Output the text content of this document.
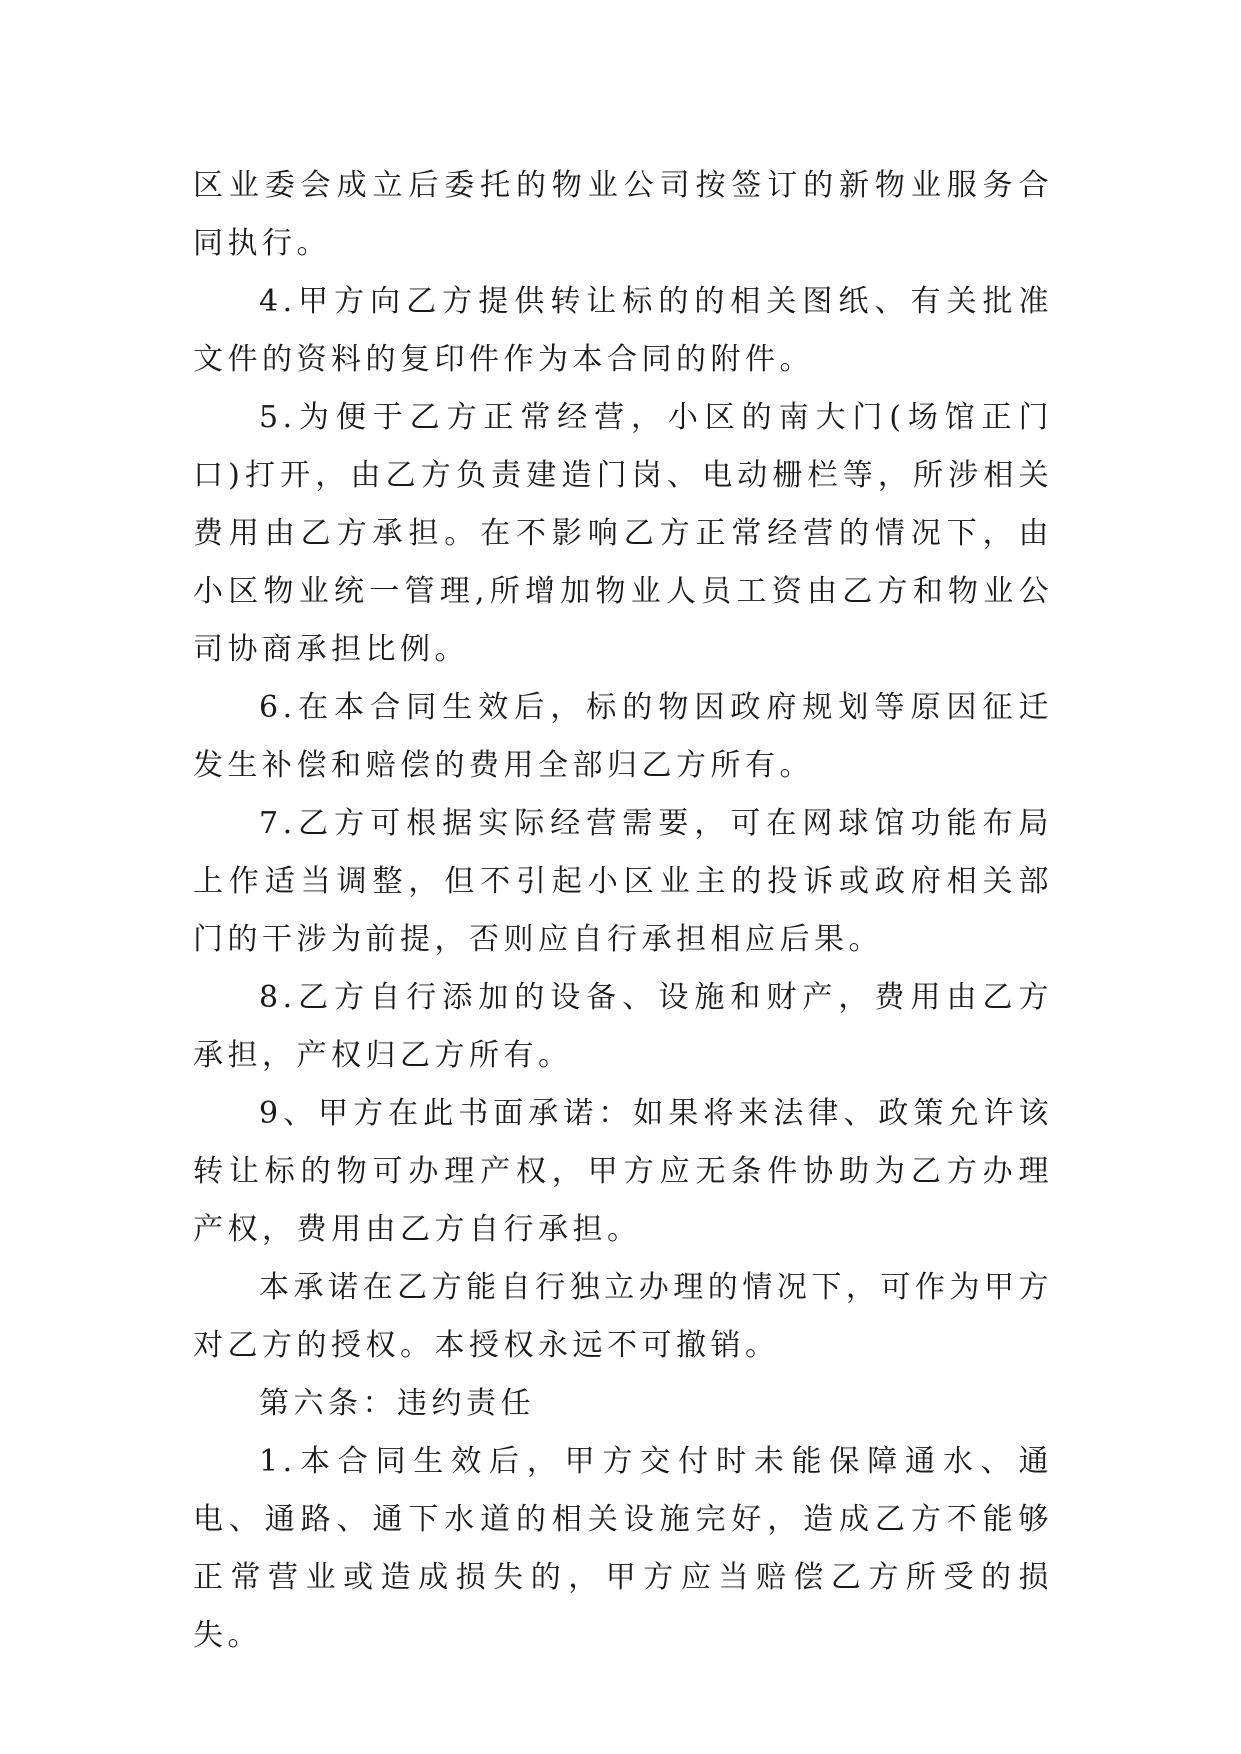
区业委会成立后委托的物业公司按签订的新物业服务合同执行。

4.甲方向乙方提供转让标的的相关图纸、有关批准文件的资料的复印件作为本合同的附件。

5.为便于乙方正常经营，小区的南大门(场馆正门口)打开，由乙方负责建造门岗、电动栅栏等，所涉相关费用由乙方承担。在不影响乙方正常经营的情况下，由小区物业统一管理,所增加物业人员工资由乙方和物业公司协商承担比例。

6.在本合同生效后，标的物因政府规划等原因征迁发生补偿和赔偿的费用全部归乙方所有。

7.乙方可根据实际经营需要，可在网球馆功能布局上作适当调整，但不引起小区业主的投诉或政府相关部门的干涉为前提，否则应自行承担相应后果。

8.乙方自行添加的设备、设施和财产，费用由乙方承担，产权归乙方所有。

9、甲方在此书面承诺：如果将来法律、政策允许该转让标的物可办理产权，甲方应无条件协助为乙方办理产权，费用由乙方自行承担。

本承诺在乙方能自行独立办理的情况下，可作为甲方对乙方的授权。本授权永远不可撤销。

第六条：违约责任

1.本合同生效后，甲方交付时未能保障通水、通电、通路、通下水道的相关设施完好，造成乙方不能够正常营业或造成损失的，甲方应当赔偿乙方所受的损失。
